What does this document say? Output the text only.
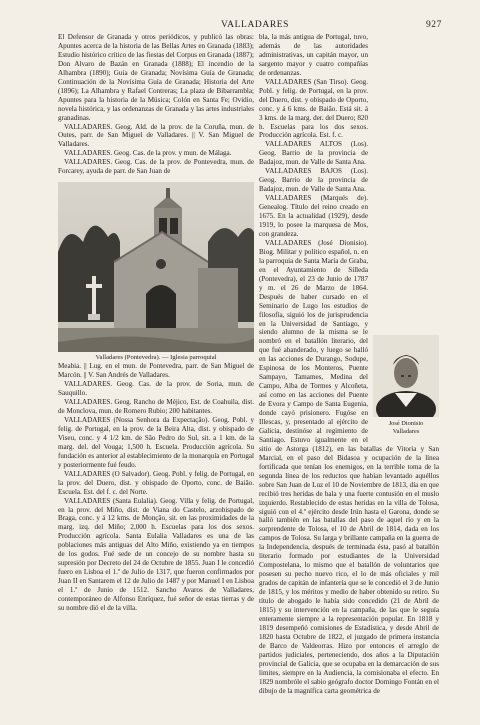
VALLADARES	927

El Defensor de Granada y otros periódicos, y publicó las obras: Apuntes acerca de la historia de las Bellas Artes en Granada (1883); Estudio histórico crítico de las fiestas del Corpus en Granada (1887); Don Alvaro de Bazán en Granada (1888); El incendio de la Alhambra (1890); Guía de Granada; Novísima Guía de Granada; Continuación de la Novísima Guía de Granada; Historia del Arte (1896); La Alhambra y Rafael Contreras; La plaza de Bibarrambla; Apuntes para la historia de la Música; Colón en Santa Fe; Ovidio, novela histórica, y las ordenanzas de Granada y las artes industriales granadinas.

VALLADARES. Geog. Ald. de la prov. de la Coruña, mun. de Outes, parr. de San Miguel de Valladares. || V. San Miguel de Valladares.

VALLADARES. Geog. Cas. de la prov. y mun. de Málaga.

VALLADARES. Geog. Cas. de la prov. de Pontevedra, mun. de Forcarey, ayuda de parr. de San Juan de

Valladares (Pontevedra). — Iglesia parroquial

Meabia. || Lug. en el mun. de Pontevedra, parr. de San Miguel de Marcón. || V. San Andrés de Valladares.

VALLADARES. Geog. Cas. de la prov. de Soria, mun. de Sauquillo.

VALLADARES. Geog. Rancho de Méjico, Est. de Coahuila, dist. de Monclova, mun. de Romero Rubio; 200 habitantes.

VALLADARES (Nossa Senhora da Expectação). Geog. Pobl. y felig. de Portugal, en la prov. de la Beira Alta, dist. y obispado de Viseu, conc. y 4 1/2 km. de São Pedro do Sul, sit. a 1 km. de la marg. del. del Vouga; 1,500 h. Escuela. Producción agrícola. Su fundación es anterior al establecimiento de la monarquía en Portugal y posteriormente fué feudo.

VALLADARES (O Salvador). Geog. Pobl. y felig. de Portugal, en la prov. del Duero, dist. y obispado de Oporto, conc. de Baião. Escuela. Est. del f. c. del Norte.

VALLADARES (Santa Eulalia). Geog. Villa y felig. de Portugal, en la prov. del Miño, dist. de Viana do Castelo, arzobispado de Braga, conc. y á 12 kms. de Monção, sit. en las proximidades de la marg. izq. del Miño; 2,000 h. Escuelas para los dos sexos. Producción agrícola. Santa Eulalia Valladares es una de las poblaciones más antiguas del Alto Miño, existiendo ya en tiempos de los godos. Fué sede de un concejo de su nombre hasta su supresión por Decreto del 24 de Octubre de 1855. Juan I le concedió fuero en Lisboa el 1.º de Julio de 1317, que fueron confirmados por Juan II en Santarem el 12 de Julio de 1487 y por Manuel I en Lisboa el 1.º de Junio de 1512. Sancho Avaros de Valladares, contemporáneo de Alfonso Enríquez, fué señor de estas tierras y de su nombre dió el de la villa.

José Dionisio
Valladares

bla, la más antigua de Portugal, tuvo, además de las autoridades administrativas, un capitán mayor, un sargento mayor y cuatro compañías de ordenanzas.

VALLADARES (San Tirso). Geog. Pobl. y felig. de Portugal, en la prov. del Duero, dist. y obispado de Oporto, conc. y á 6 kms. de Baião. Está sit. á 3 kms. de la marg. der. del Duero; 820 h. Escuelas para los dos sexos. Producción agrícola. Est. f. c.

VALLADARES ALTOS (Los). Geog. Barrio de la provincia de Badajoz, mun. de Valle de Santa Ana.

VALLADARES BAJOS (Los). Geog. Barrio de la provincia de Badajoz, mun. de Valle de Santa Ana.

VALLADARES (Marqués de). Genealog. Título del reino creado en 1675. En la actualidad (1929), desde 1919, lo posee la marquesa de Mos, con grandeza.

VALLADARES (José Dionisio). Biog. Militar y político español, n. en la parroquia de Santa María de Graba, en el Ayuntamiento de Silleda (Pontevedra), el 23 de Junio de 1787 y m. el 26 de Marzo de 1864. Después de haber cursado en el Seminario de Lugo los estudios de filosofía, siguió los de jurisprudencia en la Universidad de Santiago, y siendo alumno de la misma se le nombró en el batallón literario, del que fué abanderado, y luego se halló en las acciones de Durango, Sodupe, Espinosa de los Monteros, Puente Sampayo, Tamames, Medina del Campo, Alba de Tormes y Alcoñeta, así como en las acciones del Puente de Evora y Campo de Santa Eugenia, donde cayó prisionero. Fugóse en Illescas, y, presentado al ejército de Galicia, destinóse al regimiento de Santiago. Estuvo igualmente en el sitio de Astorga (1812), en las batallas de Vitoria y San Marcial, en el paso del Bidasoa y ocupación de la línea fortificada que tenían los enemigos, en la terrible toma de la segunda línea de los reductos que habían levantado aquéllos sobre San Juan de Luz el 10 de Noviembre de 1813, día en que recibió tres heridas de bala y una fuerte contusión en el muslo izquierdo. Restablecido de estas heridas en la villa de Tolosa, siguió con el 4.º ejército desde Irún hasta el Garona, donde se halló también en las batallas del paso de aquel río y en la sorprendente de Tolosa, el 10 de Abril de 1814, dada en los campos de Tolosa. Su larga y brillante campaña en la guerra de la Independencia, después de terminada ésta, pasó al batallón literario formado por estudiantes de la Universidad Compostelana, lo mismo que el batallón de voluntarios que posesen su pecho nuevo rico, el lo de más oficiales y mil grados de capitán de infantería que se le concedió el 3 de Junio de 1815, y los méritos y medio de haber obtenido su retiro. Su título de abogado le había sido concedido (21 de Abril de 1815) y su intervención en la campaña, de las que le seguía enteramente siempre a la representación popular. En 1818 y 1819 desempeñó comisiones de Estadística, y desde Abril de 1820 hasta Octubre de 1822, el juzgado de primera instancia de Barco de Valdeorras. Hizo por entonces el arreglo de partidos judiciales, perteneciendo, dos años a la Diputación provincial de Galicia, que se ocupaba en la demarcación de sus limites, siempre en la Audiencia, la comisionaba el efecto. En 1829 nombróle el sabio geógrafo doctor Domingo Fontán en el dibujo de la magnífica carta geométrica de
